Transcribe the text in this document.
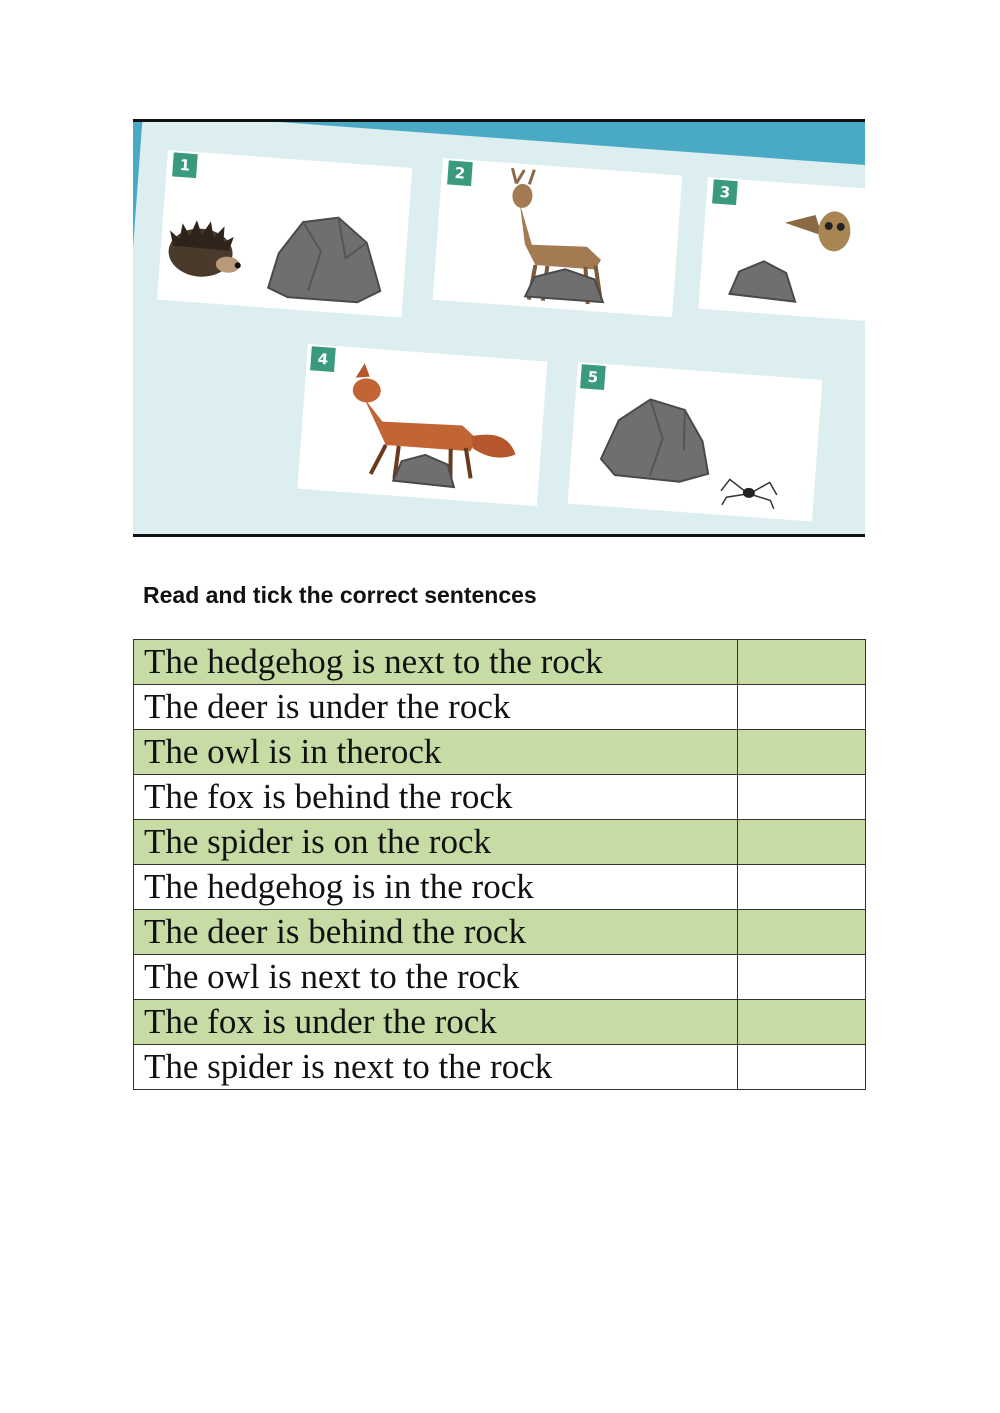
1	2
3
4
5
Read and tick the correct sentences
The hedgehog is next to the rock	
The deer is under the rock	
The owl is in therock	
The fox is behind the rock	
The spider is on the rock	
The hedgehog is in the rock	
The deer is behind the rock	
The owl is next to the rock	
The fox is under the rock	
The spider is next to the rock	
